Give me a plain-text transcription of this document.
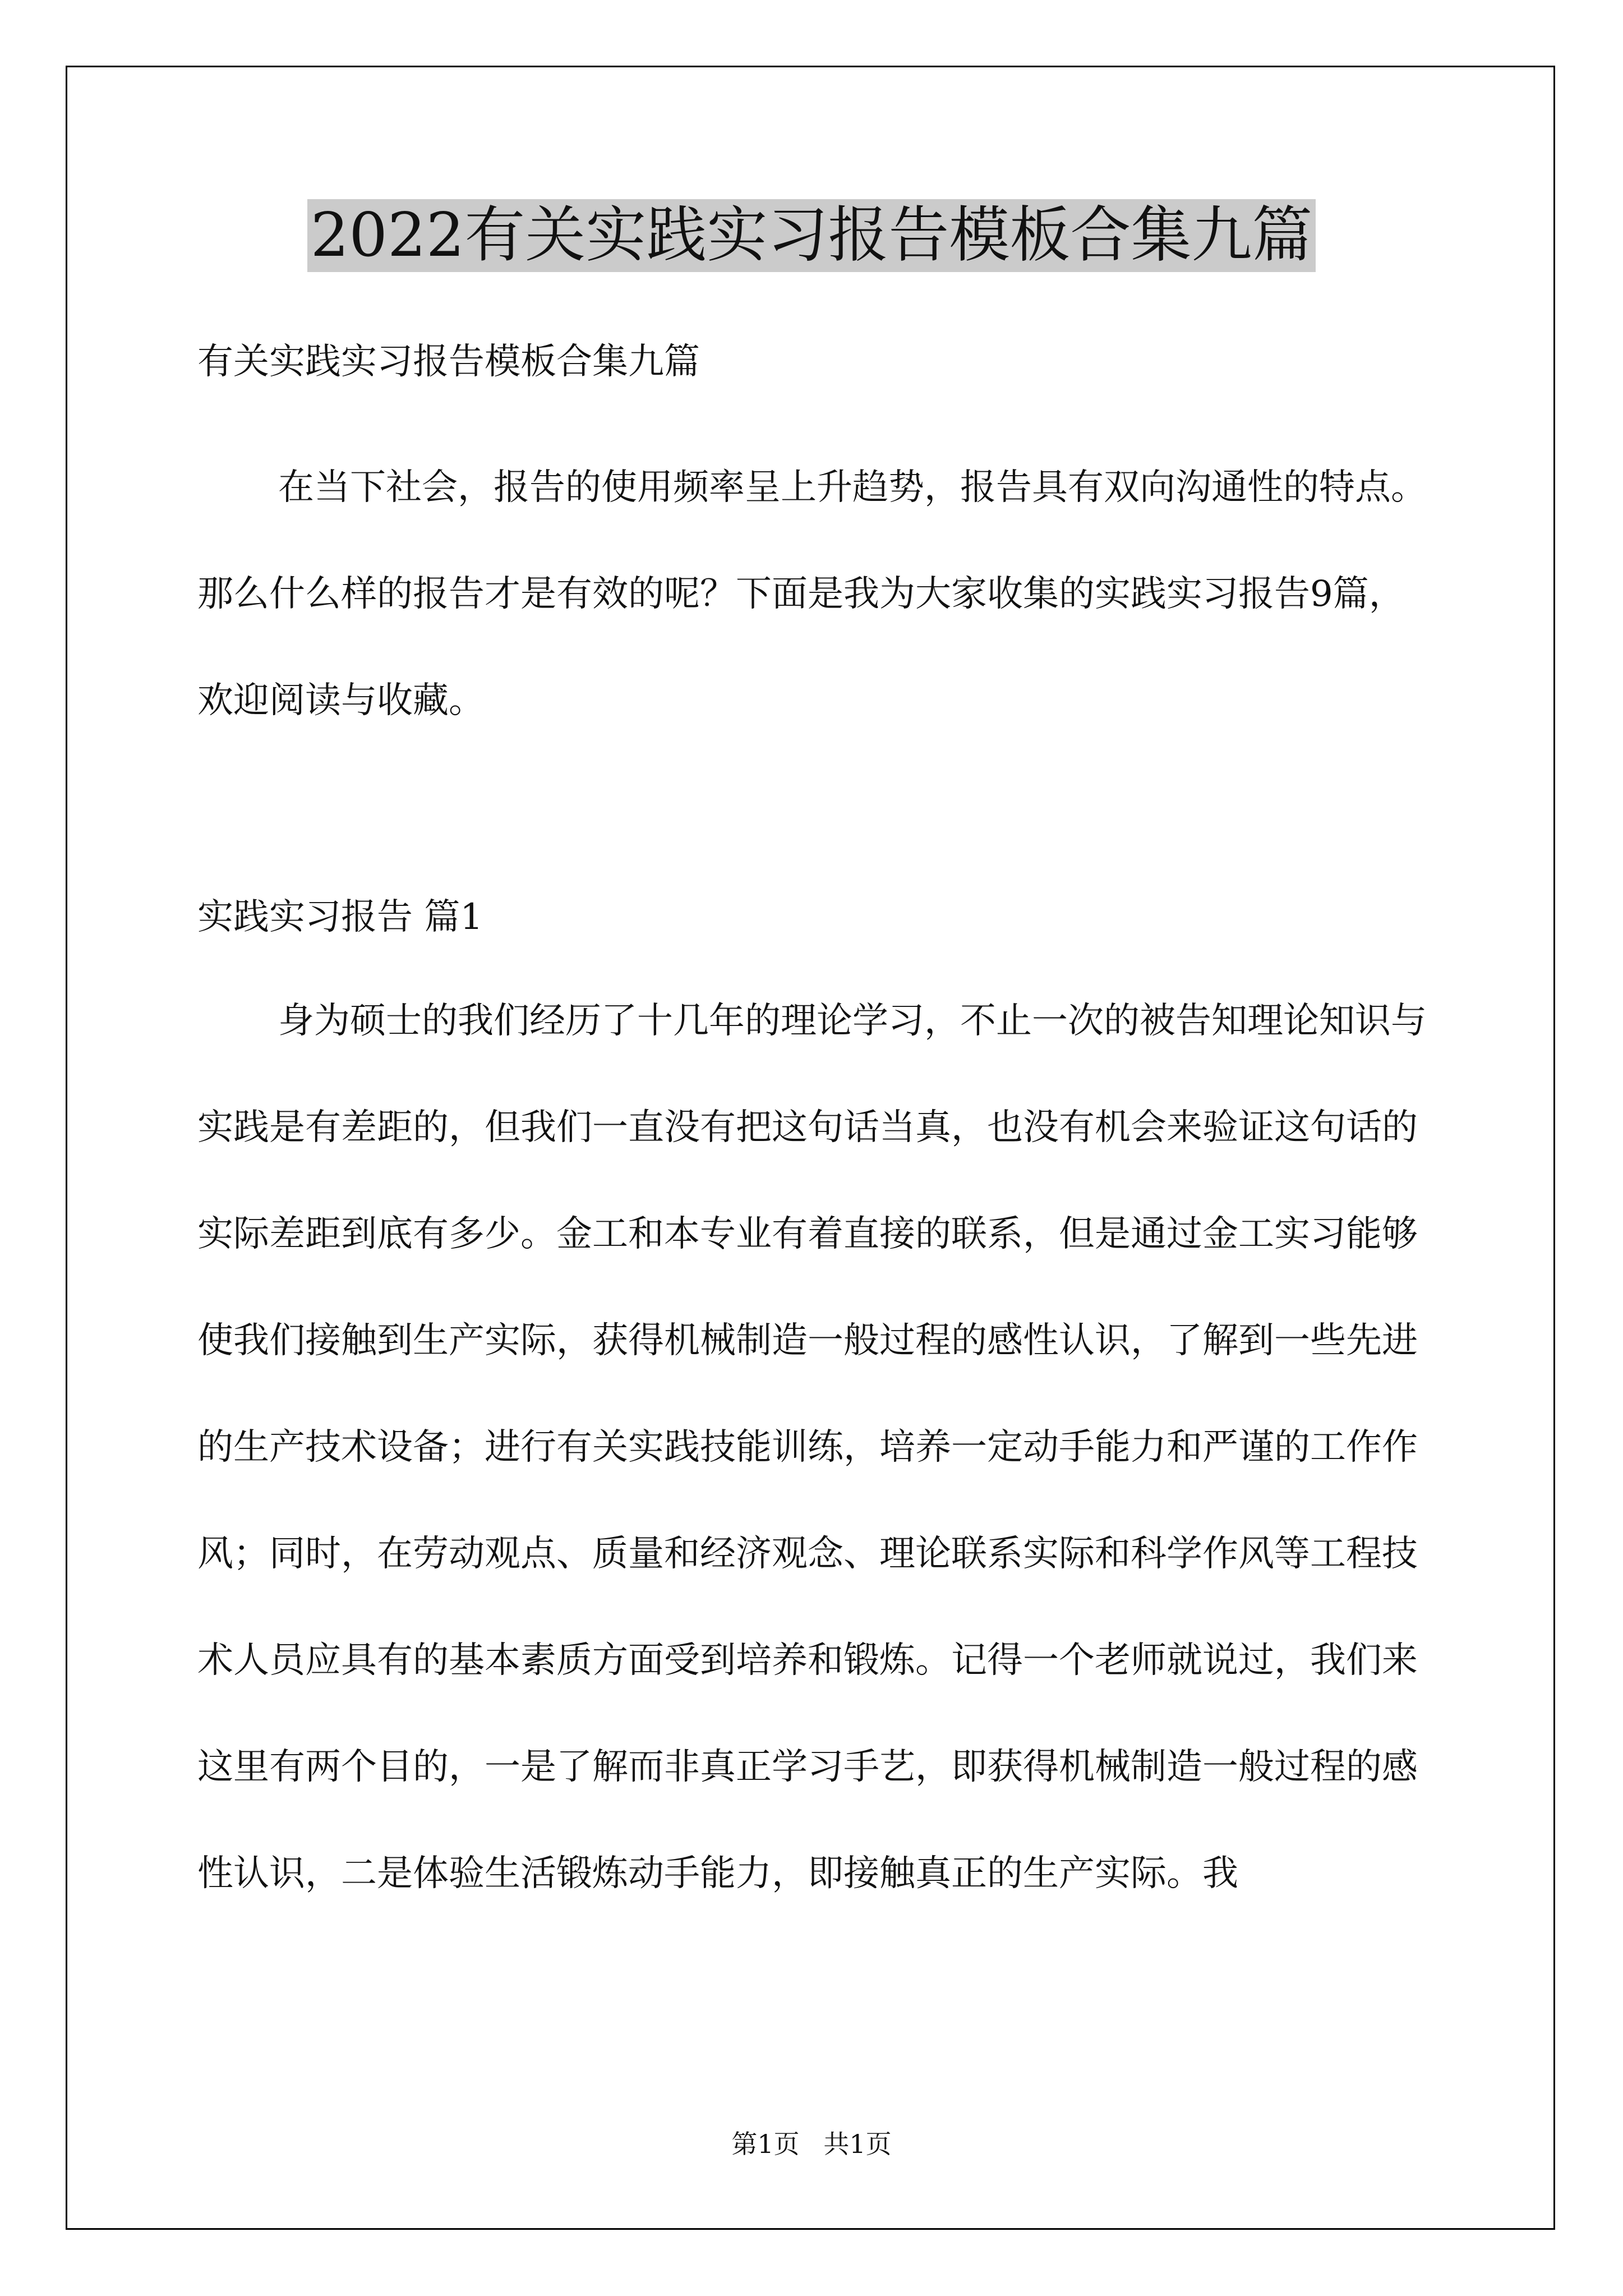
2022有关实践实习报告模板合集九篇

有关实践实习报告模板合集九篇

在当下社会，报告的使用频率呈上升趋势，报告具有双向沟通性的特点。那么什么样的报告才是有效的呢？下面是我为大家收集的实践实习报告9篇，欢迎阅读与收藏。

实践实习报告 篇1

身为硕士的我们经历了十几年的理论学习，不止一次的被告知理论知识与实践是有差距的，但我们一直没有把这句话当真，也没有机会来验证这句话的实际差距到底有多少。金工和本专业有着直接的联系，但是通过金工实习能够使我们接触到生产实际，获得机械制造一般过程的感性认识，了解到一些先进的生产技术设备；进行有关实践技能训练，培养一定动手能力和严谨的工作作风；同时，在劳动观点、质量和经济观念、理论联系实际和科学作风等工程技术人员应具有的基本素质方面受到培养和锻炼。记得一个老师就说过，我们来这里有两个目的，一是了解而非真正学习手艺，即获得机械制造一般过程的感性认识，二是体验生活锻炼动手能力，即接触真正的生产实际。我

第1页 共1页
